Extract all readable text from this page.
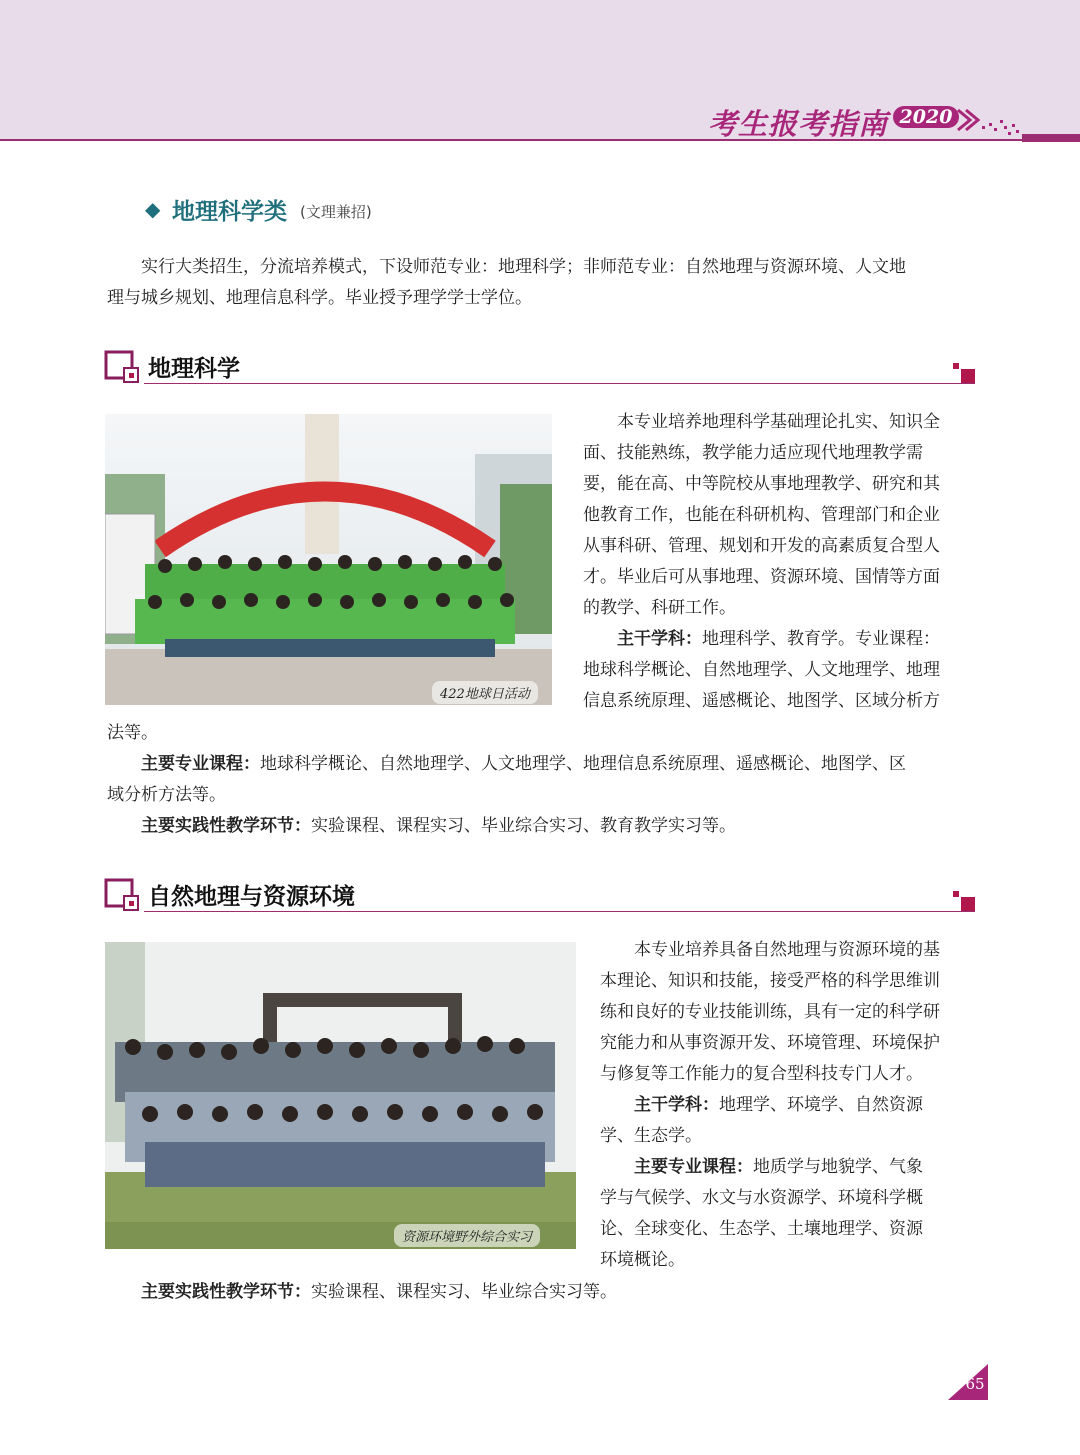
考生报考指南 2020
◆ 地理科学类 (文理兼招)
实行大类招生，分流培养模式，下设师范专业：地理科学；非师范专业：自然地理与资源环境、人文地
理与城乡规划、地理信息科学。毕业授予理学学士学位。
地理科学
422地球日活动
本专业培养地理科学基础理论扎实、知识全
面、技能熟练，教学能力适应现代地理教学需
要，能在高、中等院校从事地理教学、研究和其
他教育工作，也能在科研机构、管理部门和企业
从事科研、管理、规划和开发的高素质复合型人
才。毕业后可从事地理、资源环境、国情等方面
的教学、科研工作。
主干学科：地理科学、教育学。专业课程：
地球科学概论、自然地理学、人文地理学、地理
信息系统原理、遥感概论、地图学、区域分析方
法等。
主要专业课程：地球科学概论、自然地理学、人文地理学、地理信息系统原理、遥感概论、地图学、区
域分析方法等。
主要实践性教学环节：实验课程、课程实习、毕业综合实习、教育教学实习等。
自然地理与资源环境
资源环境野外综合实习
本专业培养具备自然地理与资源环境的基
本理论、知识和技能，接受严格的科学思维训
练和良好的专业技能训练，具有一定的科学研
究能力和从事资源开发、环境管理、环境保护
与修复等工作能力的复合型科技专门人才。
主干学科：地理学、环境学、自然资源
学、生态学。
主要专业课程：地质学与地貌学、气象
学与气候学、水文与水资源学、环境科学概
论、全球变化、生态学、土壤地理学、资源
环境概论。
主要实践性教学环节：实验课程、课程实习、毕业综合实习等。
65
